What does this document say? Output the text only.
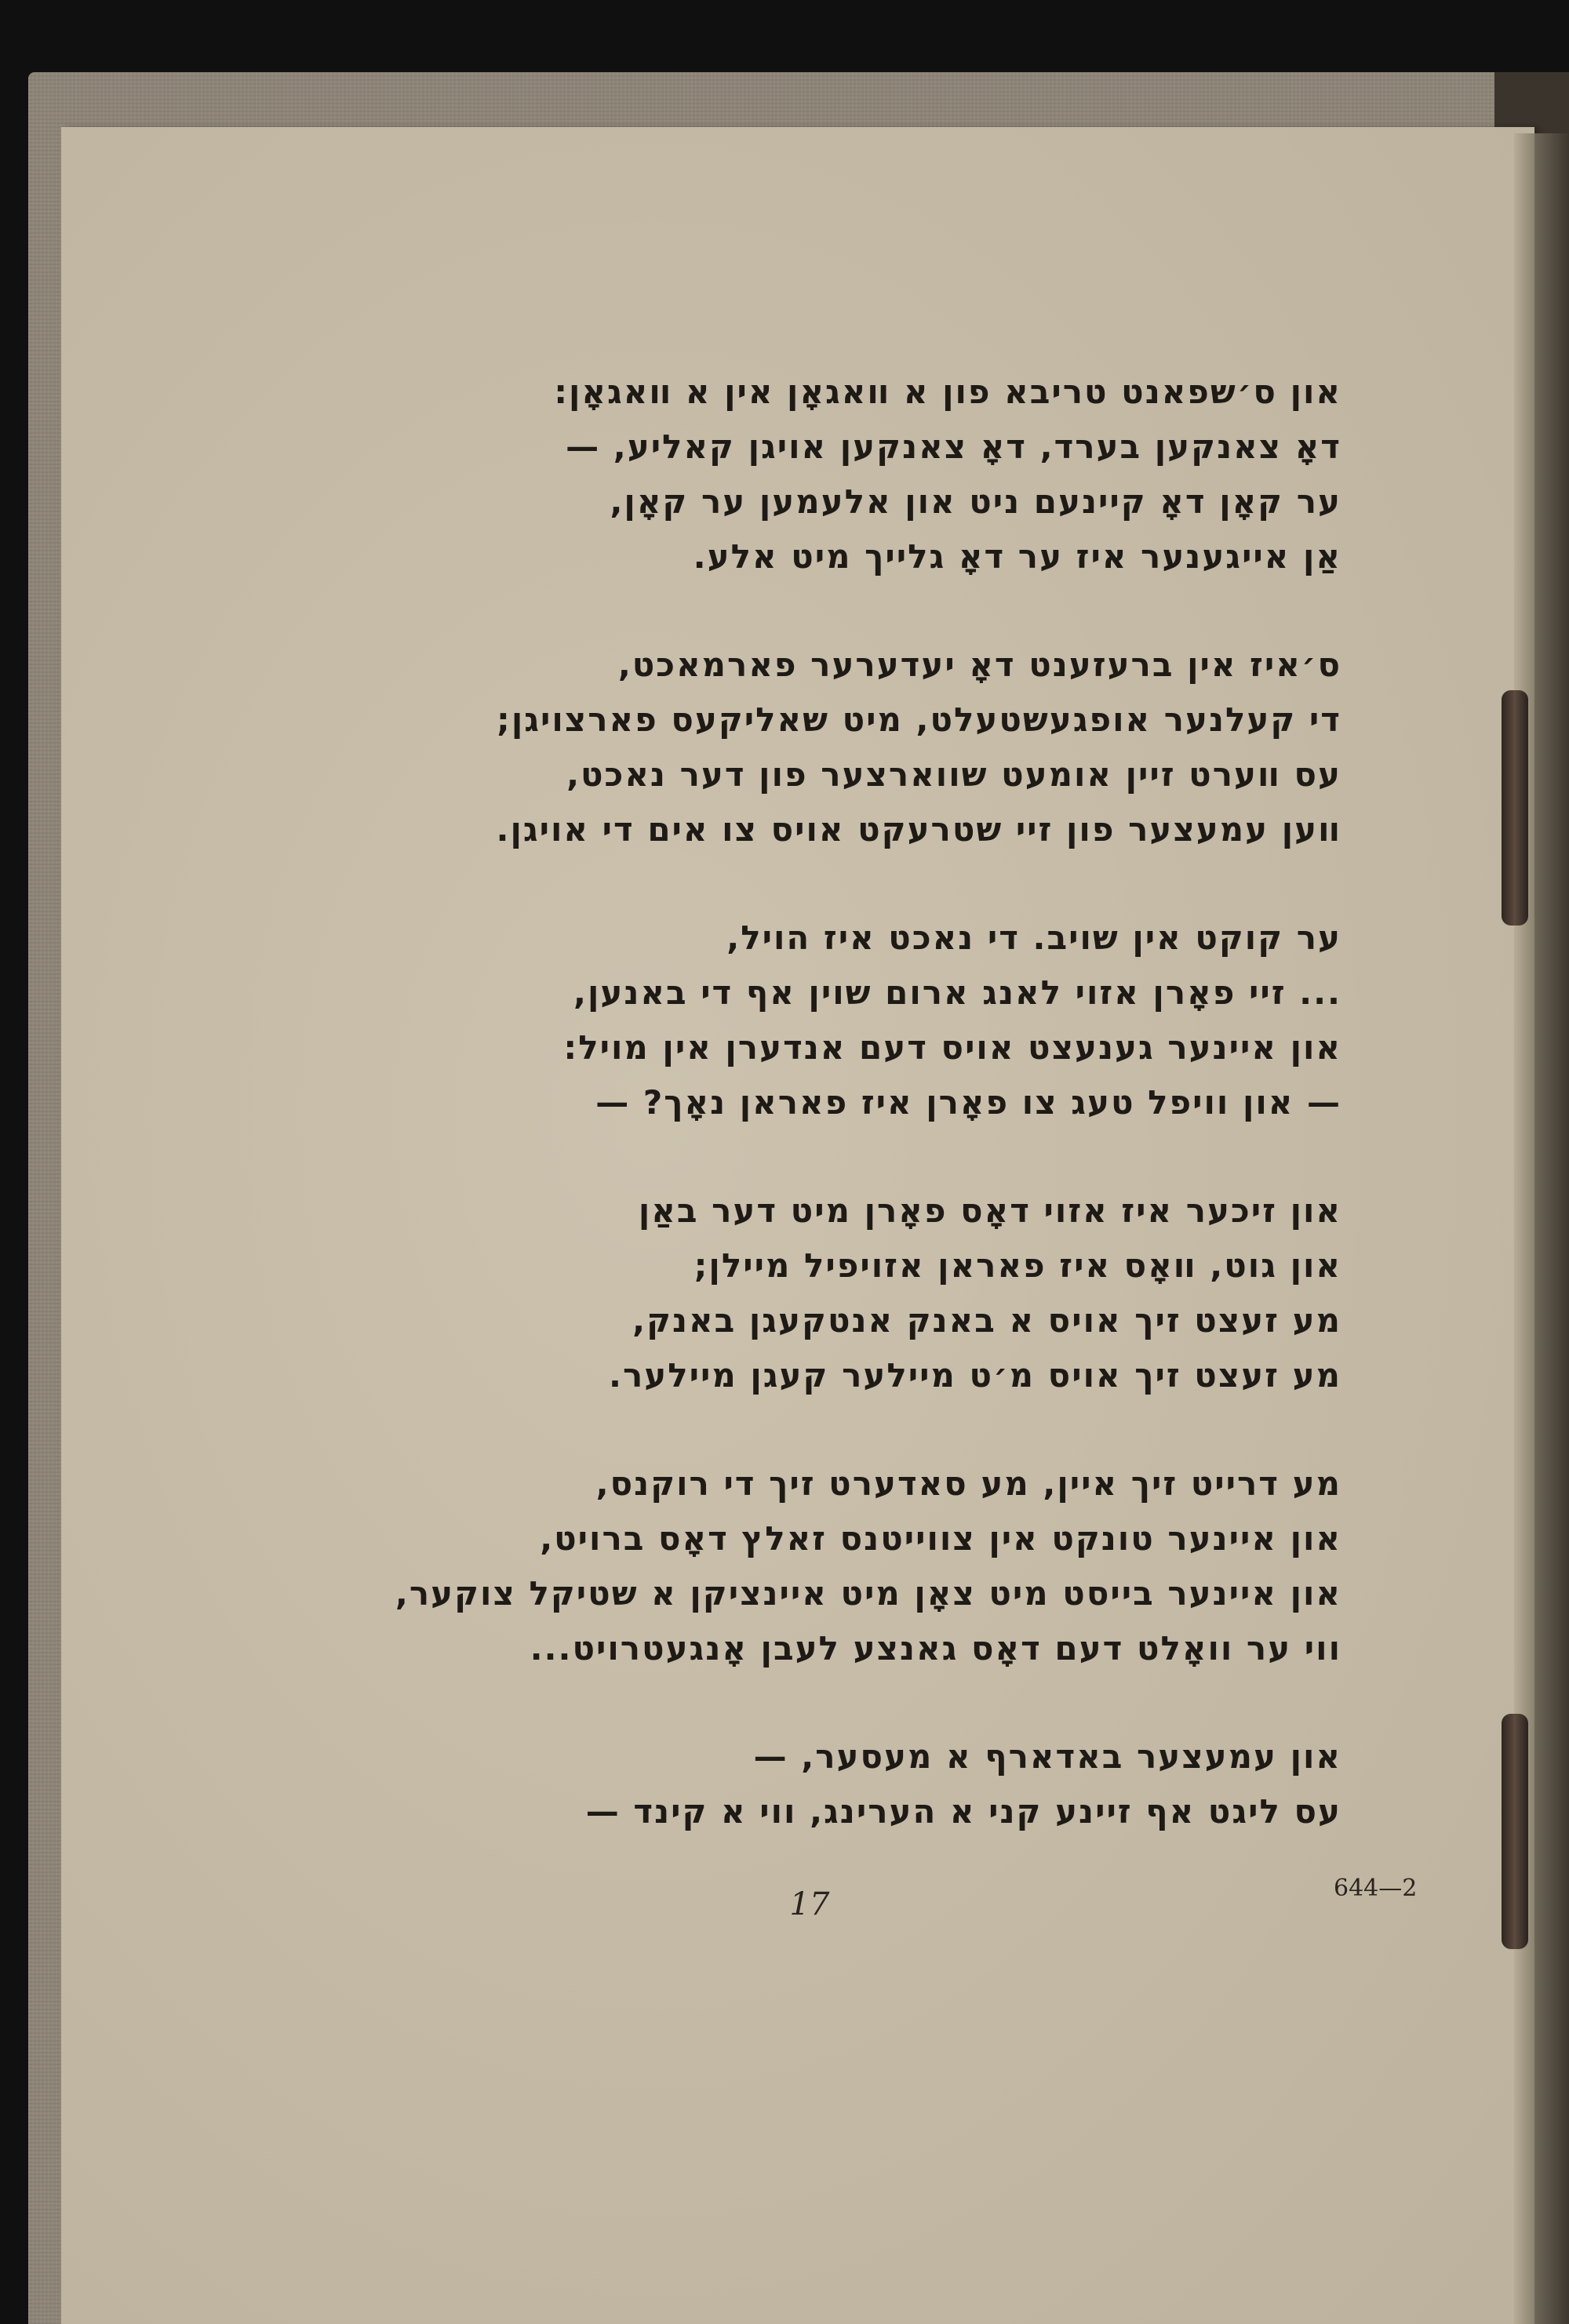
און ס׳שפאנט טריבא פון א װאגאָן אין א װאגאָן:
דאָ צאנקען בערד, דאָ צאנקען אויגן קאליע, —
ער קאָן דאָ קיינעם ניט און אלעמען ער קאָן,
אַן אייגענער איז ער דאָ גלייך מיט אלע.
ס׳איז אין ברעזענט דאָ יעדערער פארמאכט,
די קעלנער אופגעשטעלט, מיט שאליקעס פארצויגן;
עס װערט זיין אומעט שווארצער פון דער נאכט,
װען עמעצער פון זיי שטרעקט אויס צו אים די אויגן.
ער קוקט אין שויב. די נאכט איז הויל,
... זיי פאָרן אזוי לאנג ארום שוין אף די באנען,
און איינער גענעצט אויס דעם אנדערן אין מויל:
— און וויפל טעג צו פאָרן איז פאראן נאָך? —
און זיכער איז אזוי דאָס פאָרן מיט דער באַן
און גוט, װאָס איז פאראן אזויפיל מיילן;
מע זעצט זיך אויס א באנק אנטקעגן באנק,
מע זעצט זיך אויס מ׳ט מיילער קעגן מיילער.
מע דרייט זיך איין, מע סאדערט זיך די רוקנס,
און איינער טונקט אין צווייטנס זאלץ דאָס ברויט,
און איינער בייסט מיט צאָן מיט איינציקן א שטיקל צוקער,
ווי ער וואָלט דעם דאָס גאנצע לעבן אָנגעטרויט...
און עמעצער באדארף א מעסער, —
עס ליגט אף זיינע קני א הערינג, ווי א קינד —
17	644—2
